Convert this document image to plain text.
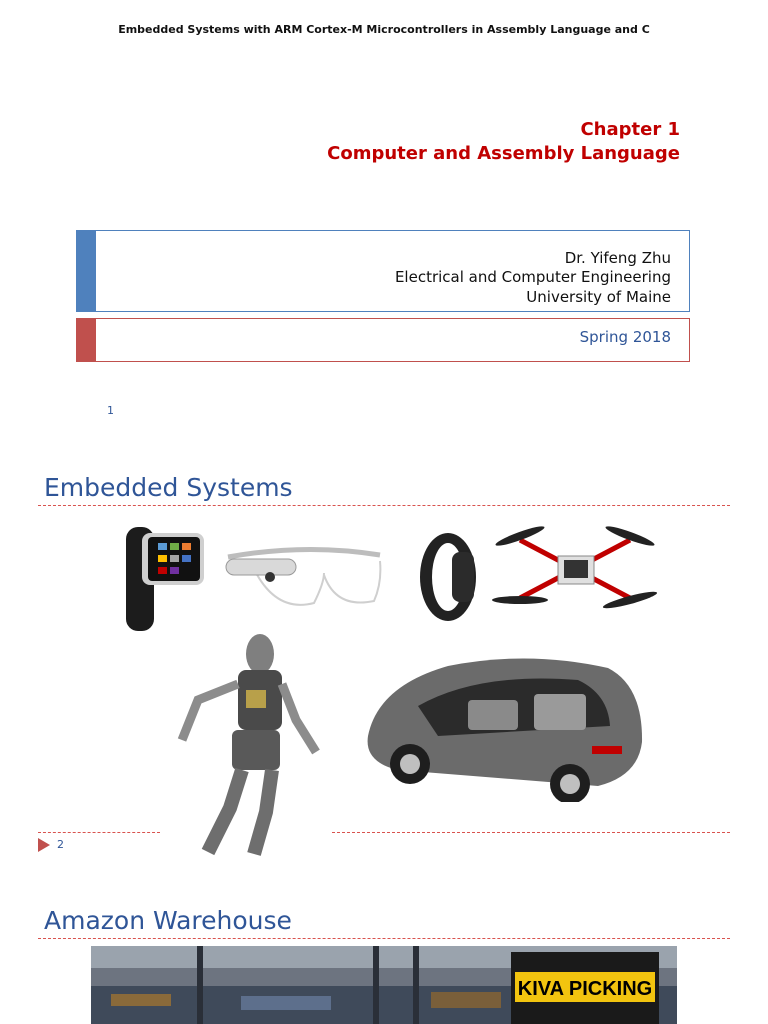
Embedded Systems with ARM Cortex-M Microcontrollers in Assembly Language and C
Chapter 1
Computer and Assembly Language
Dr. Yifeng Zhu
Electrical and Computer Engineering
University of Maine
Spring 2018
1
Embedded Systems
2
Amazon Warehouse
KIVA PICKING
